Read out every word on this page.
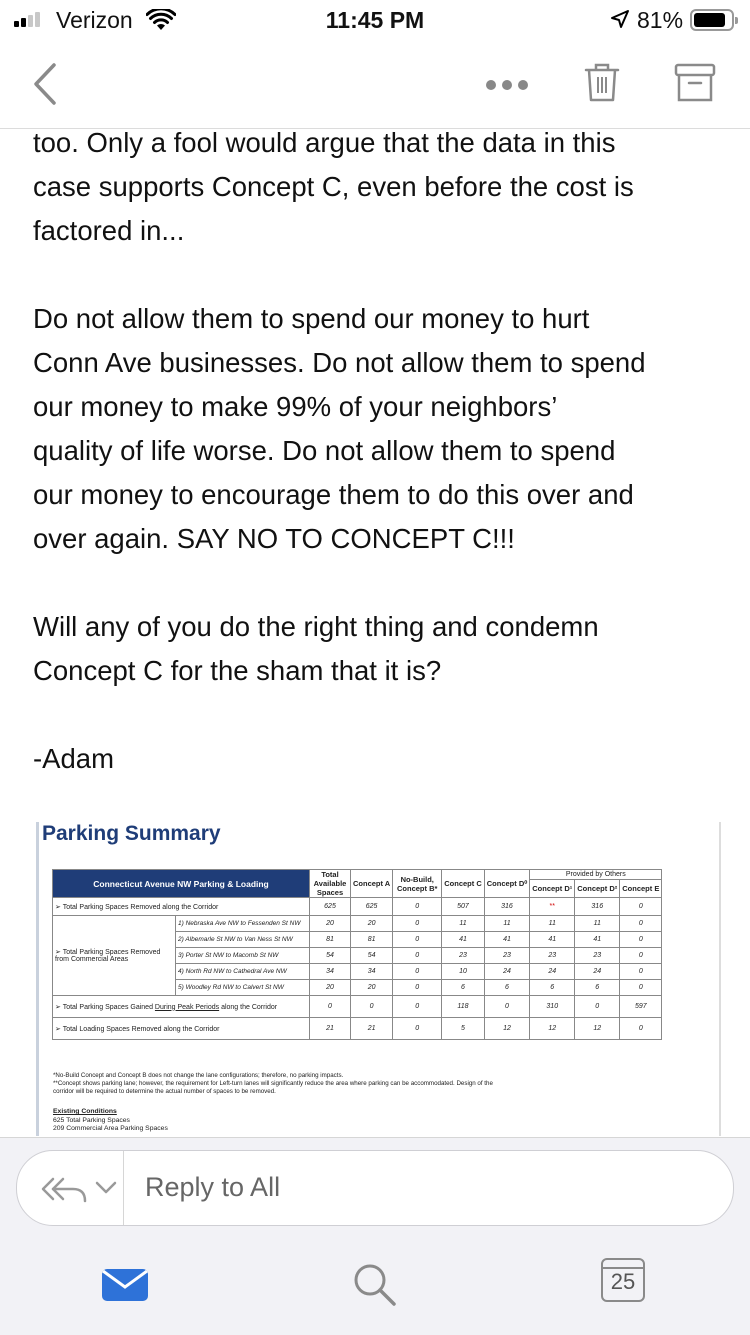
Verizon	11:45 PM	81%

too. Only a fool would argue that the data in this
case supports Concept C, even before the cost is
factored in...

Do not allow them to spend our money to hurt
Conn Ave businesses. Do not allow them to spend
our money to make 99% of your neighbors’
quality of life worse. Do not allow them to spend
our money to encourage them to do this over and
over again. SAY NO TO CONCEPT C!!!

Will any of you do the right thing and condemn
Concept C for the sham that it is?

-Adam

Parking Summary
Connecticut Avenue NW Parking & Loading		Total Available Spaces	Concept A	No-Build, Concept B*	Concept C	Concept D⁰	Provided by Others		
							Concept D¹	Concept D²	Concept E
➢ Total Parking Spaces Removed along the Corridor		625	625	0	507	316	**	316	0
➢ Total Parking Spaces Removed from Commercial Areas	1) Nebraska Ave NW to Fessenden St NW	20	20	0	11	11	11	11	0
	2) Albemarle St NW to Van Ness St NW	81	81	0	41	41	41	41	0
	3) Porter St NW to Macomb St NW	54	54	0	23	23	23	23	0
	4) North Rd NW to Cathedral Ave NW	34	34	0	10	24	24	24	0
	5) Woodley Rd NW to Calvert St NW	20	20	0	6	6	6	6	0
➢ Total Parking Spaces Gained During Peak Periods along the Corridor		0	0	0	118	0	310	0	597
➢ Total Loading Spaces Removed along the Corridor		21	21	0	5	12	12	12	0
*No-Build Concept and Concept B does not change the lane configurations; therefore, no parking impacts.
**Concept shows parking lane; however, the requirement for Left-turn lanes will significantly reduce the area where parking can be accommodated. Design of the
corridor will be required to determine the actual number of spaces to be removed.
Existing Conditions
625 Total Parking Spaces
209 Commercial Area Parking Spaces
Reply to All
25
